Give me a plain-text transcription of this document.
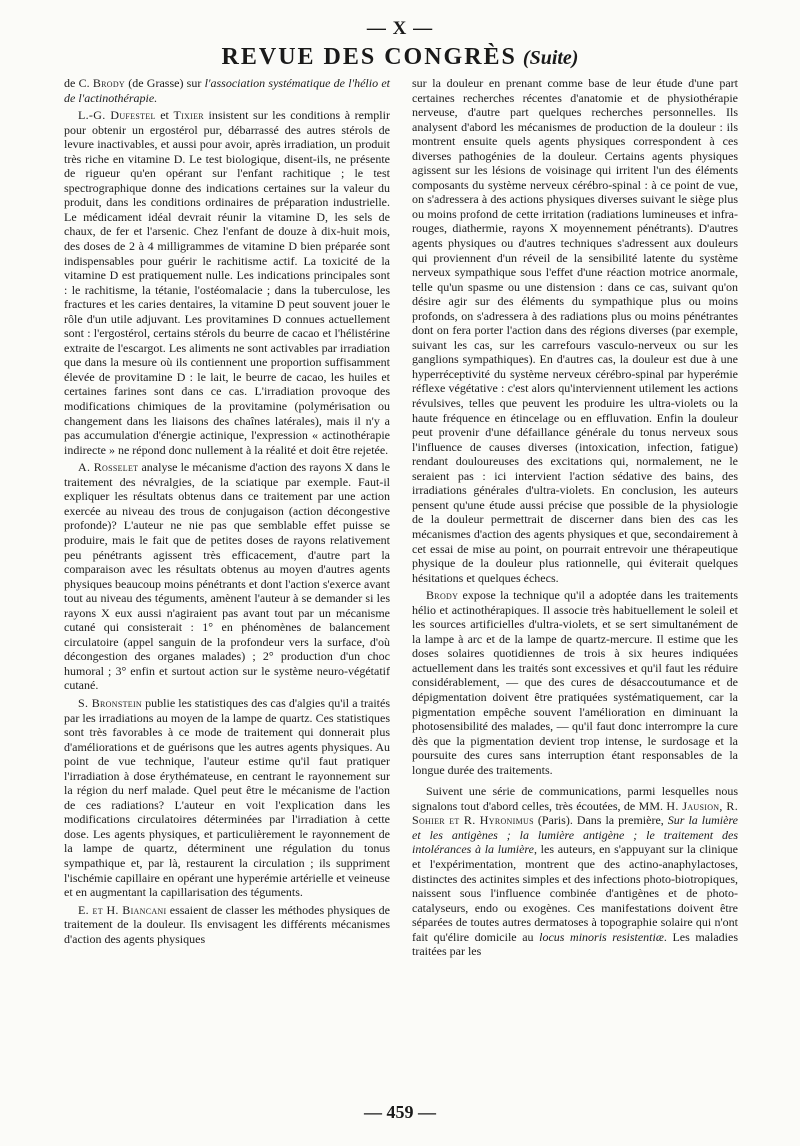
— X —
REVUE DES CONGRÈS (Suite)

de C. Brody (de Grasse) sur l'association systématique de l'hélio et de l'actinothérapie.

L.-G. Dufestel et Tixier insistent sur les conditions à remplir pour obtenir un ergostérol pur, débarrassé des autres stérols de levure inactivables, et aussi pour avoir, après irradiation, un produit très riche en vitamine D. Le test biologique, disent-ils, ne présente de rigueur qu'en opérant sur l'enfant rachitique ; le test spectrographique donne des indications certaines sur la valeur du produit, dans les conditions ordinaires de préparation industrielle. Le médicament idéal devrait réunir la vitamine D, les sels de chaux, de fer et l'arsenic. Chez l'enfant de douze à dix-huit mois, des doses de 2 à 4 milligrammes de vitamine D bien préparée sont indispensables pour guérir le rachitisme actif. La toxicité de la vitamine D est pratiquement nulle. Les indications principales sont : le rachitisme, la tétanie, l'ostéomalacie ; dans la tuberculose, les fractures et les caries dentaires, la vitamine D peut souvent jouer le rôle d'un utile adjuvant. Les provitamines D connues actuellement sont : l'ergostérol, certains stérols du beurre de cacao et l'hélistérine extraite de l'escargot. Les aliments ne sont activables par irradiation que dans la mesure où ils contiennent une proportion suffisamment élevée de provitamine D : le lait, le beurre de cacao, les huiles et certaines farines sont dans ce cas. L'irradiation provoque des modifications chimiques de la provitamine (polymérisation ou changement dans les liaisons des chaînes latérales), mais il n'y a pas accumulation d'énergie actinique, l'expression « actinothérapie indirecte » ne répond donc nullement à la réalité et doit être rejetée.

A. Rosselet analyse le mécanisme d'action des rayons X dans le traitement des névralgies, de la sciatique par exemple. Faut-il expliquer les résultats obtenus dans ce traitement par une action exercée au niveau des trous de conjugaison (action décongestive profonde)? L'auteur ne nie pas que semblable effet puisse se produire, mais le fait que de petites doses de rayons relativement peu pénétrants agissent très efficacement, d'autre part la comparaison avec les résultats obtenus au moyen d'autres agents physiques beaucoup moins pénétrants et dont l'action s'exerce avant tout au niveau des téguments, amènent l'auteur à se demander si les rayons X eux aussi n'agiraient pas avant tout par un mécanisme cutané qui consisterait : 1° en phénomènes de balancement circulatoire (appel sanguin de la profondeur vers la surface, d'où décongestion des organes malades) ; 2° production d'un choc humoral ; 3° enfin et surtout action sur le système neuro-végétatif cutané.

S. Bronstein publie les statistiques des cas d'algies qu'il a traités par les irradiations au moyen de la lampe de quartz. Ces statistiques sont très favorables à ce mode de traitement qui donnerait plus d'améliorations et de guérisons que les autres agents physiques. Au point de vue technique, l'auteur estime qu'il faut pratiquer l'irradiation à dose érythémateuse, en centrant le rayonnement sur la région du nerf malade. Quel peut être le mécanisme de l'action de ces radiations? L'auteur en voit l'explication dans les modifications circulatoires déterminées par l'irradiation à cette dose. Les agents physiques, et particulièrement le rayonnement de la lampe de quartz, déterminent une régulation du tonus sympathique et, par là, restaurent la circulation ; ils suppriment l'ischémie capillaire en opérant une hyperémie artérielle et veineuse et en augmentant la capillarisation des téguments.

E. et H. Biancani essaient de classer les méthodes physiques de traitement de la douleur. Ils envisagent les différents mécanismes d'action des agents physiques

sur la douleur en prenant comme base de leur étude d'une part certaines recherches récentes d'anatomie et de physiothérapie nerveuse, d'autre part quelques recherches personnelles. Ils analysent d'abord les mécanismes de production de la douleur : ils montrent ensuite quels agents physiques correspondent à ces diverses pathogénies de la douleur. Certains agents physiques agissent sur les lésions de voisinage qui irritent l'un des éléments composants du système nerveux cérébro-spinal : à ce point de vue, on s'adressera à des actions physiques diverses suivant le siège plus ou moins profond de cette irritation (radiations lumineuses et infra-rouges, diathermie, rayons X moyennement pénétrants). D'autres agents physiques ou d'autres techniques s'adressent aux douleurs qui proviennent d'un réveil de la sensibilité latente du système nerveux sympathique sous l'effet d'une réaction motrice anormale, telle qu'un spasme ou une distension : dans ce cas, suivant qu'on désire agir sur des éléments du sympathique plus ou moins profonds, on s'adressera à des radiations plus ou moins pénétrantes dont on fera porter l'action dans des régions diverses (par exemple, suivant les cas, sur les carrefours vasculo-nerveux ou sur les ganglions sympathiques). En d'autres cas, la douleur est due à une hyperréceptivité du système nerveux cérébro-spinal par hyperémie réflexe végétative : c'est alors qu'interviennent utilement les actions révulsives, telles que peuvent les produire les ultra-violets ou la haute fréquence en étincelage ou en effluvation. Enfin la douleur peut provenir d'une défaillance générale du tonus nerveux sous l'influence de causes diverses (intoxication, infection, fatigue) rendant douloureuses des excitations qui, normalement, ne le seraient pas : ici intervient l'action sédative des bains, des irradiations générales d'ultra-violets. En conclusion, les auteurs pensent qu'une étude aussi précise que possible de la physiologie de la douleur permettrait de discerner dans bien des cas les mécanismes d'action des agents physiques et que, secondairement à cet essai de mise au point, on pourrait entrevoir une thérapeutique physique de la douleur plus rationnelle, qui éviterait quelques hésitations et quelques échecs.

Brody expose la technique qu'il a adoptée dans les traitements hélio et actinothérapiques. Il associe très habituellement le soleil et les sources artificielles d'ultra-violets, et se sert simultanément de la lampe à arc et de la lampe de quartz-mercure. Il estime que les doses solaires quotidiennes de trois à six heures indiquées actuellement dans les traités sont excessives et qu'il faut les réduire considérablement, — que des cures de désaccoutumance et de dépigmentation doivent être pratiquées systématiquement, car la pigmentation empêche souvent l'amélioration en diminuant la photosensibilité des malades, — qu'il faut donc interrompre la cure dès que la pigmentation devient trop intense, le surdosage et la poursuite des cures sans interruption étant responsables de la longue durée des traitements.

Suivent une série de communications, parmi lesquelles nous signalons tout d'abord celles, très écoutées, de MM. H. Jausion, R. Sohier et R. Hyronimus (Paris). Dans la première, Sur la lumière et les antigènes ; la lumière antigène ; le traitement des intolérances à la lumière, les auteurs, en s'appuyant sur la clinique et l'expérimentation, montrent que des actino-anaphylactoses, distinctes des actinites simples et des infections photo-biotropiques, naissent sous l'influence combinée d'antigènes et de photo-catalyseurs, endo ou exogènes. Ces manifestations doivent être séparées de toutes autres dermatoses à topographie solaire qui n'ont fait qu'élire domicile au locus minoris resistentiæ. Les maladies traitées par les

— 459 —
